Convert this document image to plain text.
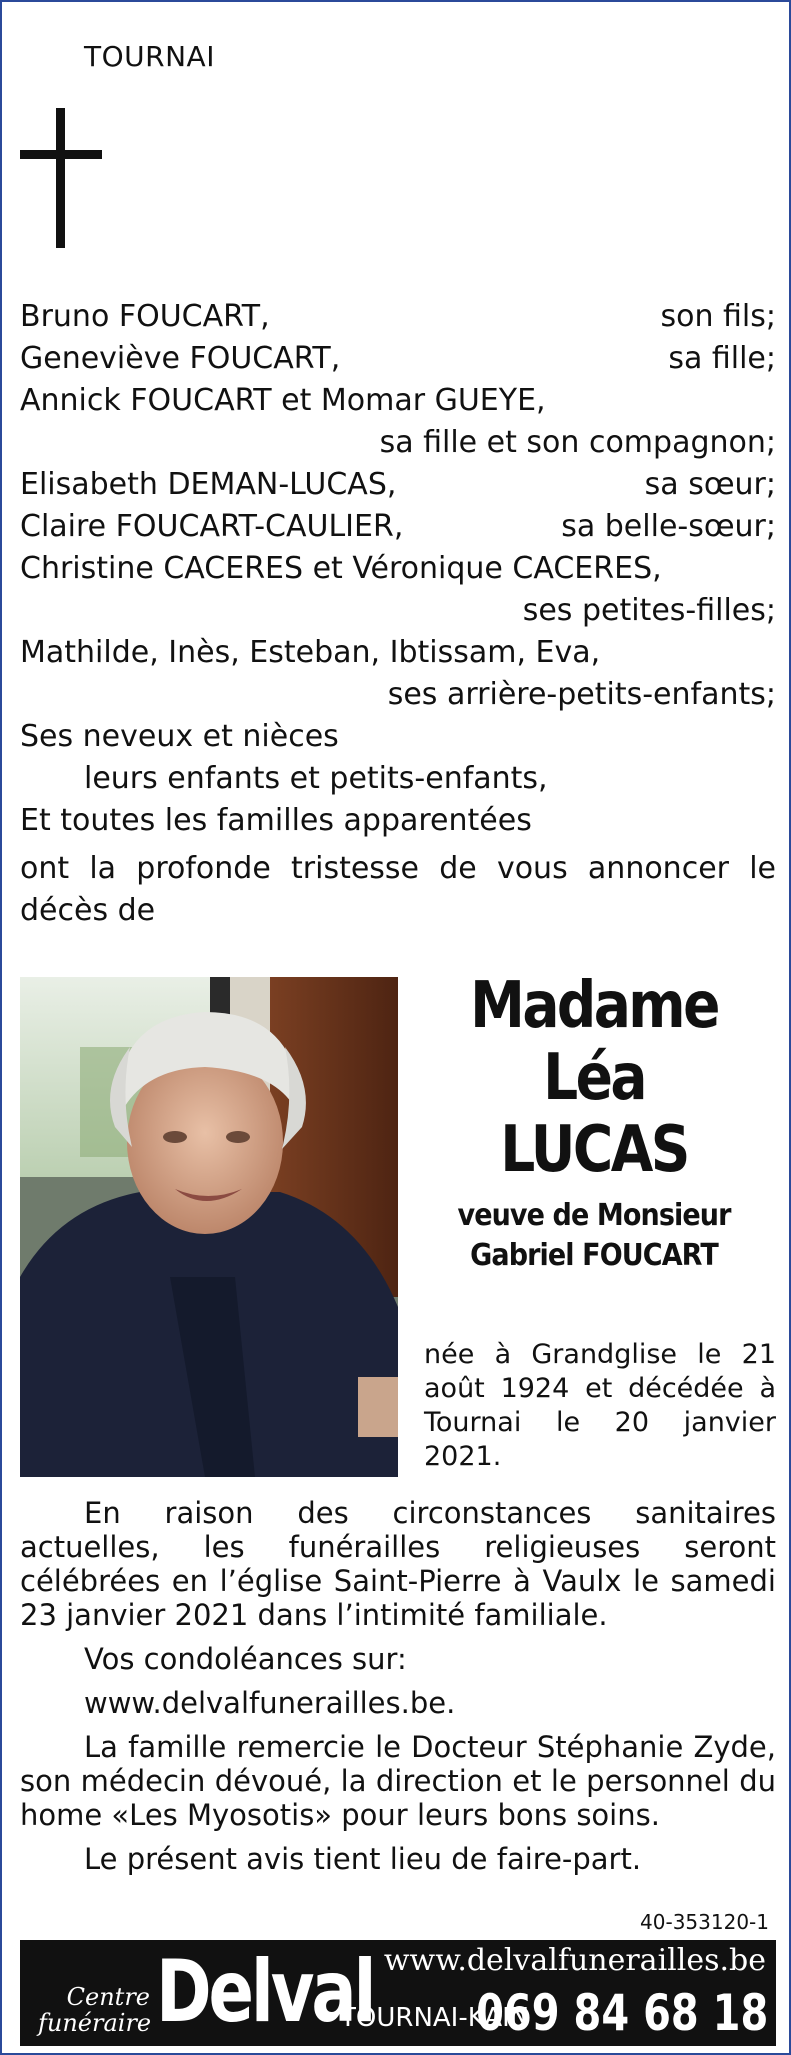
TOURNAI
Bruno FOUCART,	son fils;
Geneviève FOUCART,	sa fille;
Annick FOUCART et Momar GUEYE,
sa fille et son compagnon;
Elisabeth DEMAN-LUCAS,	sa sœur;
Claire FOUCART-CAULIER,	sa belle-sœur;
Christine CACERES et Véronique CACERES,
ses petites-filles;
Mathilde, Inès, Esteban, Ibtissam, Eva,
ses arrière-petits-enfants;
Ses neveux et nièces
leurs enfants et petits-enfants,
Et toutes les familles apparentées
ont la profonde tristesse de vous annoncer le
décès de
Madame
Léa
LUCAS
veuve de Monsieur
Gabriel FOUCART
née à Grandglise le 21 août 1924 et décédée à Tournai le 20 janvier 2021.

En raison des circonstances sanitaires actuelles, les funérailles religieuses seront célébrées en l’église Saint-Pierre à Vaulx le samedi 23 janvier 2021 dans l’intimité familiale.

Vos condoléances sur:

www.delvalfunerailles.be.

La famille remercie le Docteur Stéphanie Zyde, son médecin dévoué, la direction et le personnel du home «Les Myosotis» pour leurs bons soins.

Le présent avis tient lieu de faire-part.

40-353120-1
Centre
funéraire Delval www.delvalfunerailles.be
TOURNAI-KAIN
069 84 68 18
